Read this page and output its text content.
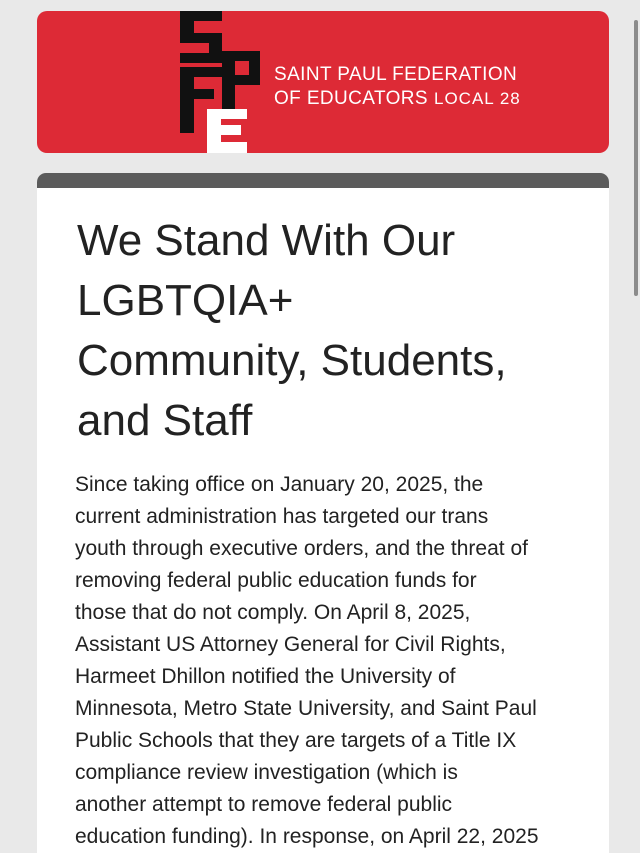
SAINT PAUL FEDERATION
OF EDUCATORS LOCAL 28
We Stand With Our
LGBTQIA+
Community, Students,
and Staff
Since taking office on January 20, 2025, the
current administration has targeted our trans
youth through executive orders, and the threat of
removing federal public education funds for
those that do not comply. On April 8, 2025,
Assistant US Attorney General for Civil Rights,
Harmeet Dhillon notified the University of
Minnesota, Metro State University, and Saint Paul
Public Schools that they are targets of a Title IX
compliance review investigation (which is
another attempt to remove federal public
education funding). In response, on April 22, 2025
